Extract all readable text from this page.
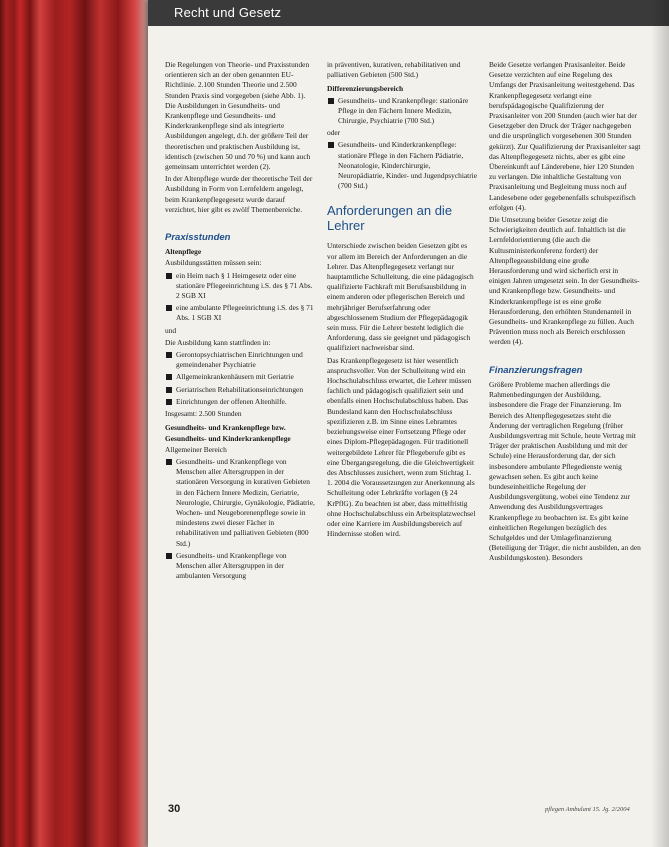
Recht und Gesetz

Die Regelungen von Theorie- und Praxisstunden orientieren sich an der oben genannten EU-Richtlinie. 2.100 Stunden Theorie und 2.500 Stunden Praxis sind vorgegeben (siehe Abb. 1). Die Ausbildungen in Gesundheits- und Krankenpflege und Gesundheits- und Kinderkrankenpflege sind als integrierte Ausbildungen angelegt, d.h. der größere Teil der theoretischen und praktischen Ausbildung ist, identisch (zwischen 50 und 70 %) und kann auch gemeinsam unterrichtet werden (2).

In der Altenpflege wurde der theoretische Teil der Ausbildung in Form von Lernfeldern angelegt, beim Krankenpflegegesetz wurde darauf verzichtet, hier gibt es zwölf Themenbereiche.

Praxisstunden
Altenpflege

Ausbildungsstätten müssen sein:

ein Heim nach § 1 Heimgesetz oder eine stationäre Pflegeeinrichtung i.S. des § 71 Abs. 2 SGB XI
eine ambulante Pflegeeinrichtung i.S. des § 71 Abs. 1 SGB XI

und

Die Ausbildung kann stattfinden in:

Gerontopsychiatrischen Einrichtungen und gemeindenaher Psychiatrie
Allgemeinkrankenhäusern mit Geriatrie
Geriatrischen Rehabilitationseinrichtungen
Einrichtungen der offenen Altenhilfe.

Insgesamt: 2.500 Stunden

Gesundheits- und Krankenpflege bzw. Gesundheits- und Kinderkrankenpflege

Allgemeiner Bereich

Gesundheits- und Krankenpflege von Menschen aller Altersgruppen in der stationären Versorgung in kurativen Gebieten in den Fächern Innere Medizin, Geriatrie, Neurologie, Chirurgie, Gynäkologie, Pädiatrie, Wochen- und Neugeborenenpflege sowie in mindestens zwei dieser Fächer in rehabilitativen und palliativen Gebieten (800 Std.)
Gesundheits- und Krankenpflege von Menschen aller Altersgruppen in der ambulanten Versorgung

in präventiven, kurativen, rehabilitativen und palliativen Gebieten (500 Std.)

Differenzierungsbereich
Gesundheits- und Krankenpflege: stationäre Pflege in den Fächern Innere Medizin, Chirurgie, Psychiatrie (700 Std.)

oder

Gesundheits- und Kinderkrankenpflege: stationäre Pflege in den Fächern Pädiatrie, Neonatologie, Kinderchirurgie, Neuropädiatrie, Kinder- und Jugendpsychiatrie (700 Std.)
Anforderungen an die Lehrer

Unterschiede zwischen beiden Gesetzen gibt es vor allem im Bereich der Anforderungen an die Lehrer. Das Altenpflegegesetz verlangt nur hauptamtliche Schulleitung, die eine pädagogisch qualifizierte Fachkraft mit Berufsausbildung in einem anderen oder pflegerischen Bereich und mehrjähriger Berufserfahrung oder abgeschlossenem Studium der Pflegepädagogik sein muss. Für die Lehrer besteht lediglich die Anforderung, dass sie geeignet und pädagogisch qualifiziert nachweisbar sind.

Das Krankenpflegegesetz ist hier wesentlich anspruchsvoller. Von der Schulleitung wird ein Hochschulabschluss erwartet, die Lehrer müssen fachlich und pädagogisch qualifiziert sein und ebenfalls einen Hochschulabschluss haben. Das Bundesland kann den Hochschulabschluss spezifizieren z.B. im Sinne eines Lehramtes beziehungsweise einer Fortsetzung Pflege oder eines Diplom-Pflegepädagogen. Für traditionell weitergebildete Lehrer für Pflegeberufe gibt es eine Übergangsregelung, die die Gleichwertigkeit des Abschlusses zusichert, wenn zum Stichtag 1. 1. 2004 die Voraussetzungen zur Anerkennung als Schulleitung oder Lehrkräfte vorlagen (§ 24 KrPflG). Zu beachten ist aber, dass mittelfristig ohne Hochschulabschluss ein Arbeitsplatzwechsel oder eine Karriere im Ausbildungsbereich auf Hindernisse stoßen wird.

Beide Gesetze verlangen Praxisanleiter. Beide Gesetze verzichten auf eine Regelung des Umfangs der Praxisanleitung weitestgehend. Das Krankenpflegegesetz verlangt eine berufspädagogische Qualifizierung der Praxisanleiter von 200 Stunden (auch wier hat der Gesetzgeber den Druck der Träger nachgegeben und die ursprünglich vorgesehenen 300 Stunden gekürzt). Zur Qualifizierung der Praxisanleiter sagt das Altenpflegegesetz nichts, aber es gibt eine Übereinkunft auf Länderebene, hier 120 Stunden zu verlangen. Die inhaltliche Gestaltung von Praxisanleitung und Begleitung muss noch auf Landesebene oder gegebenenfalls schulspezifisch erfolgen (4).

Die Umsetzung beider Gesetze zeigt die Schwierigkeiten deutlich auf. Inhaltlich ist die Lernfeldorientierung (die auch die Kultusministerkonferenz fordert) der Altenpflegeausbildung eine große Herausforderung und wird sicherlich erst in einigen Jahren umgesetzt sein. In der Gesundheits- und Krankenpflege bzw. Gesundheits- und Kinderkrankenpflege ist es eine große Herausforderung, den erhöhten Stundenanteil in Gesundheits- und Krankenpflege zu füllen. Auch Prävention muss noch als Bereich erschlossen werden (4).

Finanzierungsfragen

Größere Probleme machen allerdings die Rahmenbedingungen der Ausbildung, insbesondere die Frage der Finanzierung. Im Bereich des Altenpflegegesetzes steht die Änderung der vertraglichen Regelung (früher Ausbildungsvertrag mit Schule, heute Vertrag mit Träger der praktischen Ausbildung und mit der Schule) eine Herausforderung dar, der sich insbesondere ambulante Pflegedienste wenig gewachsen sehen. Es gibt auch keine bundeseinheitliche Regelung der Ausbildungsvergütung, wobei eine Tendenz zur Anwendung des Ausbildungsvertrages Krankenpflege zu beobachten ist. Es gibt keine einheitlichen Regelungen bezüglich des Schulgeldes und der Umlagefinanzierung (Beteiligung der Träger, die nicht ausbilden, an den Ausbildungskosten). Besonders

30	pflegen Ambulant 15. Jg. 2/2004
